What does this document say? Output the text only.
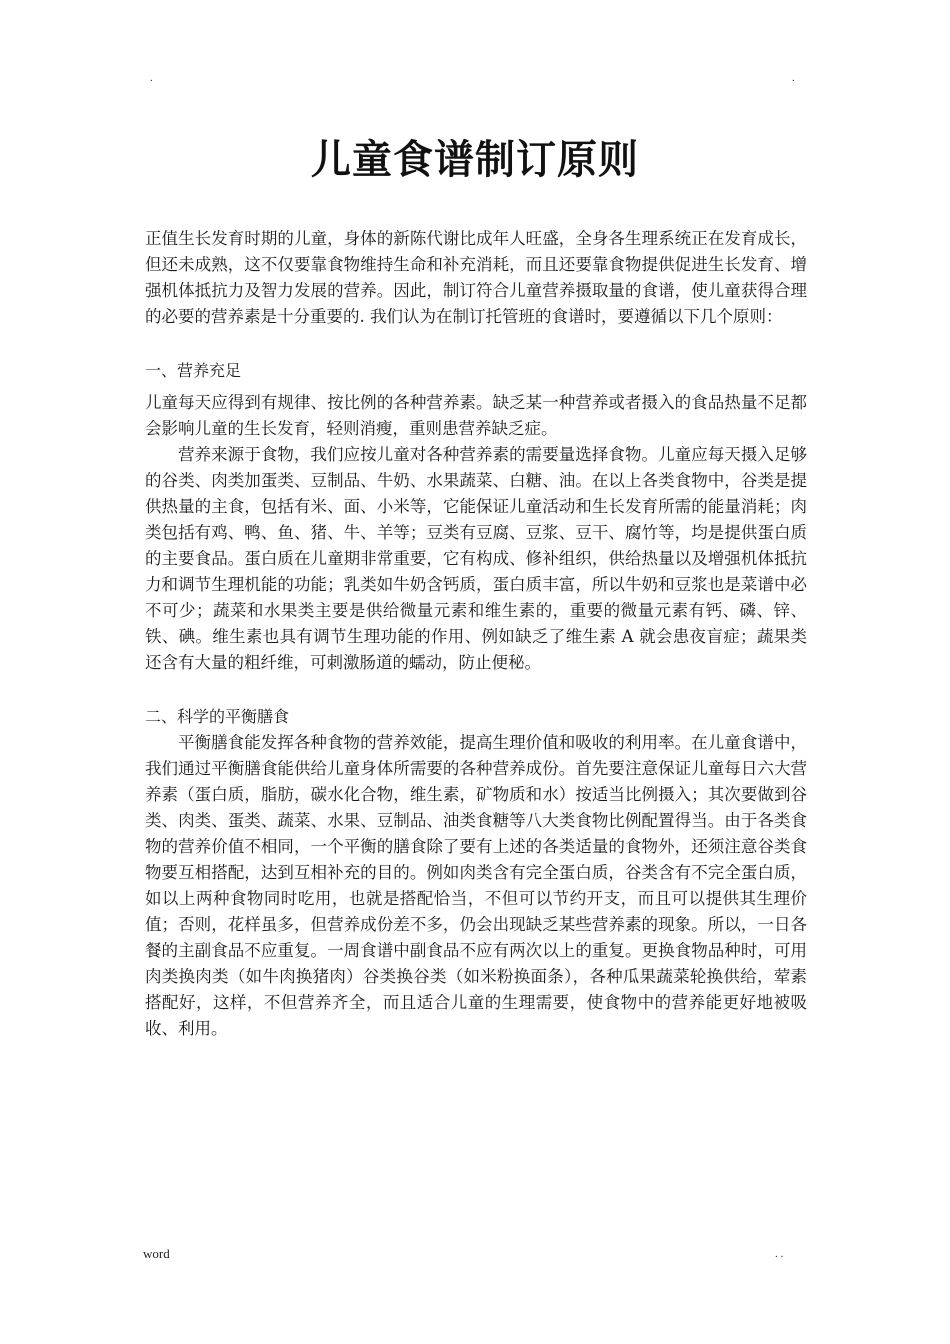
.	.
儿童食谱制订原则

正值生长发育时期的儿童，身体的新陈代谢比成年人旺盛，全身各生理系统正在发育成长，但还未成熟，这不仅要靠食物维持生命和补充消耗，而且还要靠食物提供促进生长发育、增强机体抵抗力及智力发展的营养。因此，制订符合儿童营养摄取量的食谱，使儿童获得合理的必要的营养素是十分重要的. 我们认为在制订托管班的食谱时，要遵循以下几个原则：

一、营养充足

儿童每天应得到有规律、按比例的各种营养素。缺乏某一种营养或者摄入的食品热量不足都会影响儿童的生长发育，轻则消瘦，重则患营养缺乏症。

营养来源于食物，我们应按儿童对各种营养素的需要量选择食物。儿童应每天摄入足够的谷类、肉类加蛋类、豆制品、牛奶、水果蔬菜、白糖、油。在以上各类食物中，谷类是提供热量的主食，包括有米、面、小米等，它能保证儿童活动和生长发育所需的能量消耗；肉类包括有鸡、鸭、鱼、猪、牛、羊等；豆类有豆腐、豆浆、豆干、腐竹等，均是提供蛋白质的主要食品。蛋白质在儿童期非常重要，它有构成、修补组织，供给热量以及增强机体抵抗力和调节生理机能的功能；乳类如牛奶含钙质，蛋白质丰富，所以牛奶和豆浆也是菜谱中必不可少；蔬菜和水果类主要是供给微量元素和维生素的，重要的微量元素有钙、磷、锌、铁、碘。维生素也具有调节生理功能的作用、例如缺乏了维生素 A 就会患夜盲症；蔬果类还含有大量的粗纤维，可刺激肠道的蠕动，防止便秘。

二、科学的平衡膳食

平衡膳食能发挥各种食物的营养效能，提高生理价值和吸收的利用率。在儿童食谱中，我们通过平衡膳食能供给儿童身体所需要的各种营养成份。首先要注意保证儿童每日六大营养素（蛋白质，脂肪，碳水化合物，维生素，矿物质和水）按适当比例摄入；其次要做到谷类、肉类、蛋类、蔬菜、水果、豆制品、油类食糖等八大类食物比例配置得当。由于各类食物的营养价值不相同，一个平衡的膳食除了要有上述的各类适量的食物外，还须注意谷类食物要互相搭配，达到互相补充的目的。例如肉类含有完全蛋白质，谷类含有不完全蛋白质，如以上两种食物同时吃用，也就是搭配恰当，不但可以节约开支，而且可以提供其生理价值；否则，花样虽多，但营养成份差不多，仍会出现缺乏某些营养素的现象。所以，一日各餐的主副食品不应重复。一周食谱中副食品不应有两次以上的重复。更换食物品种时，可用肉类换肉类（如牛肉换猪肉）谷类换谷类（如米粉换面条），各种瓜果蔬菜轮换供给，荤素搭配好，这样，不但营养齐全，而且适合儿童的生理需要，使食物中的营养能更好地被吸收、利用。

word	. .
